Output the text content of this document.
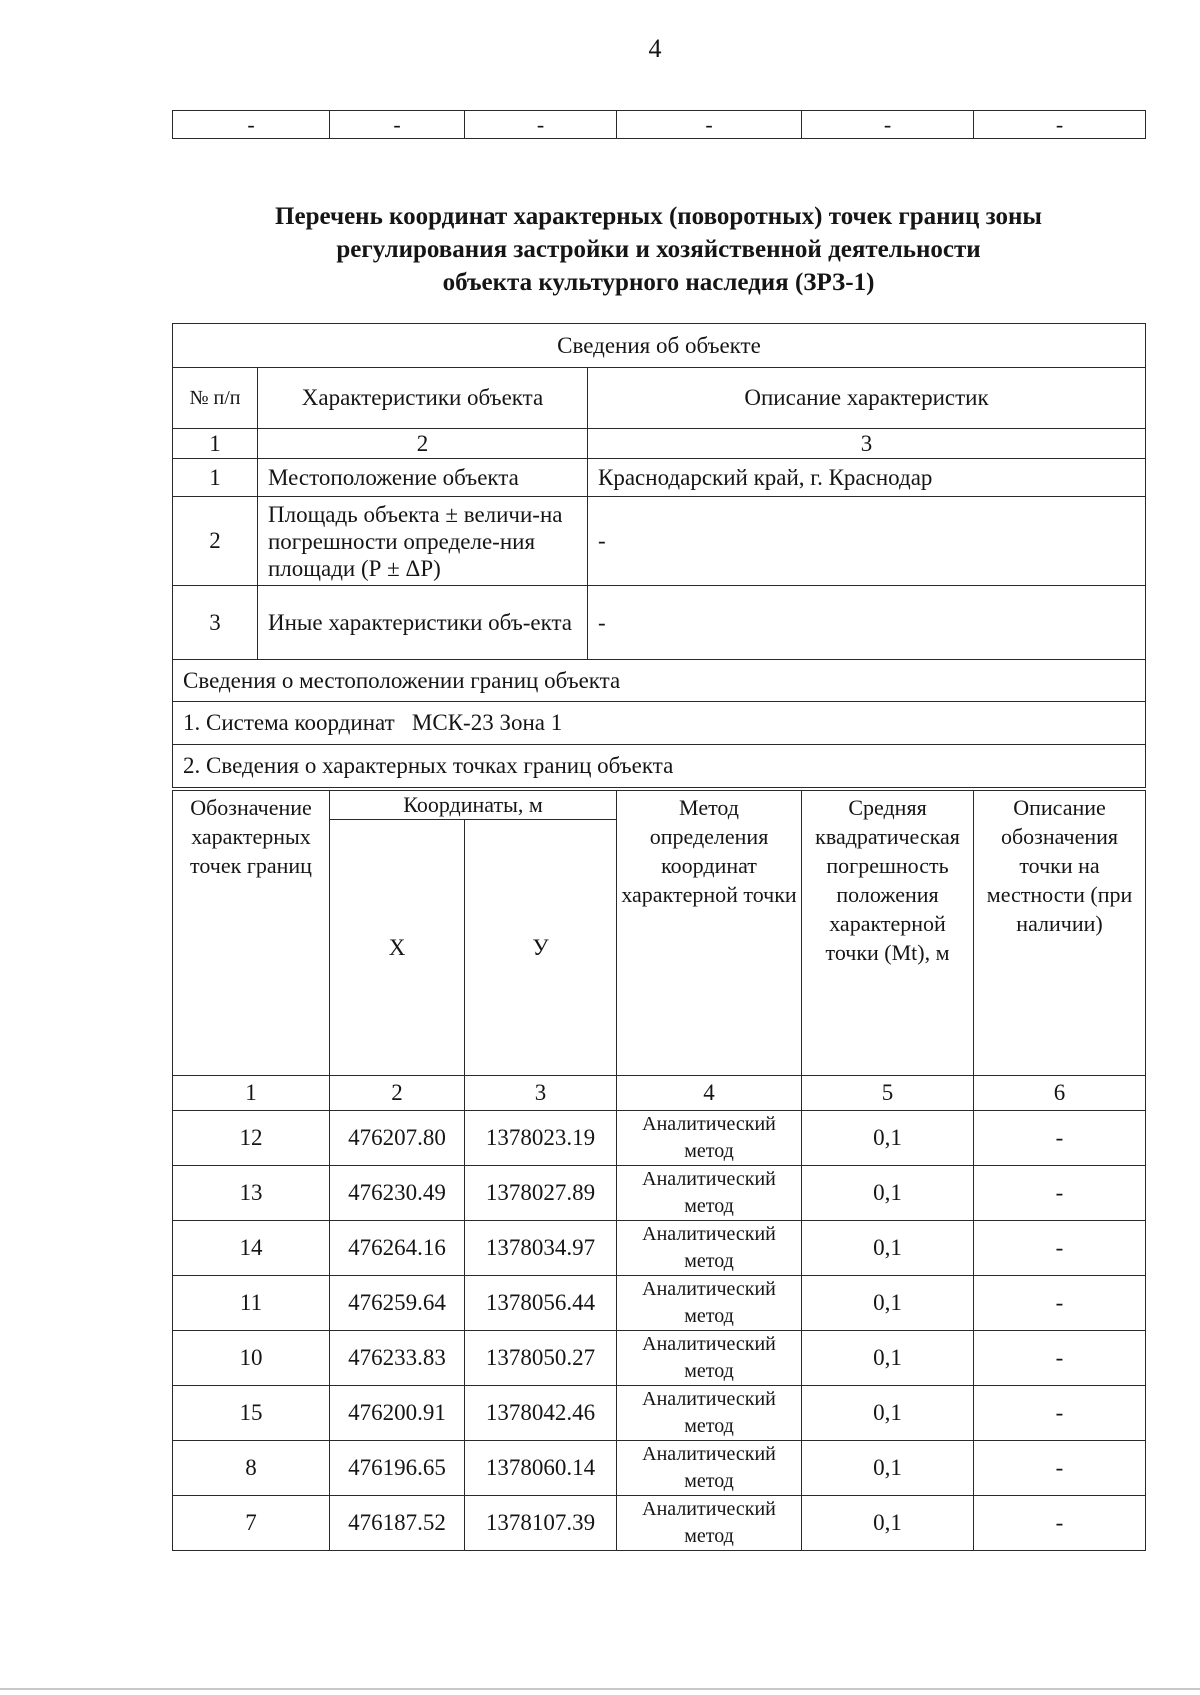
4
-	-	-	-	-	-
Перечень координат характерных (поворотных) точек границ зоны
регулирования застройки и хозяйственной деятельности
объекта культурного наследия (ЗРЗ-1)
Сведения об объекте		
№ п/п	Характеристики объекта	Описание характеристик
1	2	3
1	Местоположение объекта	Краснодарский край, г. Краснодар
2	Площадь объекта ± величи-на погрешности определе-ния площади (Р ± ΔР)	-
3	Иные характеристики объ-екта	-
Сведения о местоположении границ объекта		
1. Система координат   МСК-23 Зона 1		
2. Сведения о характерных точках границ объекта		
Обозначение характерных точек границ	Координаты, м		Метод определения координат характерной точки	Средняя квадратическая погрешность положения характерной точки (Mt), м	Описание обозначения точки на местности (при наличии)
	Х	У			
1	2	3	4	5	6
12	476207.80	1378023.19	Аналитический метод	0,1	-
13	476230.49	1378027.89	Аналитический метод	0,1	-
14	476264.16	1378034.97	Аналитический метод	0,1	-
11	476259.64	1378056.44	Аналитический метод	0,1	-
10	476233.83	1378050.27	Аналитический метод	0,1	-
15	476200.91	1378042.46	Аналитический метод	0,1	-
8	476196.65	1378060.14	Аналитический метод	0,1	-
7	476187.52	1378107.39	Аналитический метод	0,1	-
